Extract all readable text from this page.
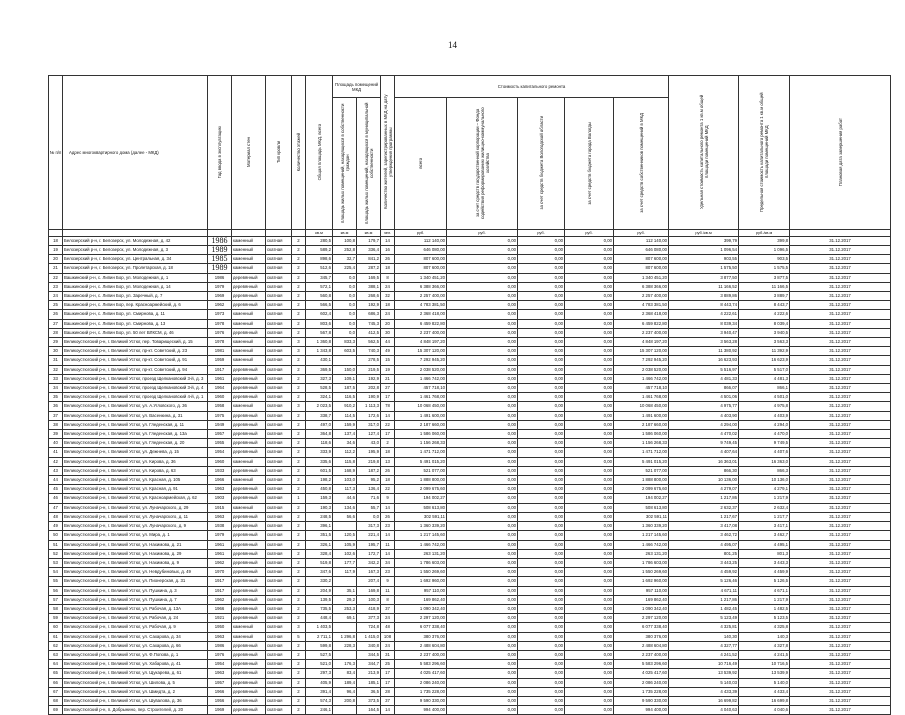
14
№ п/п	Адрес многоквартирного дома (далее - МКД)	Год ввода в эксплуатацию	Материал стен	Тип кровли	Количество этажей	Общая площадь МКД, всего	Площадь помещений МКД		Количество жителей, зарегистрированных в МКД на дату утверждения программы	Стоимость капитального ремонта					Удельная стоимость капитального ремонта 1 кв.м общей площади помещений МКД	Предельная стоимость капитального ремонта 1 кв.м общей площади помещений МКД	Плановая дата завершения работ
							площадь жилых помещений, находящихся в собственности граждан	площадь жилых помещений, находящихся в муниципальной собственности		всего	за счет средств государственной корпорации – Фонда содействия реформированию жилищно-коммунального хозяйства	за счет средств бюджета Вологодской области	за счет средств бюджета города Вологды	за счет средств собственников помещений в МКД			
						кв.м	кв.м	кв.м	чел.	руб.	руб.	руб.	руб.	руб.	руб./кв.м	руб./кв.м	
18	Белозерский р-н, г. Белозерск, ул. Молодежная, д. 42	1986	каменный	скатная	2	280,5	100,8	179,7	14	112 140,00	0,00	0,00	0,00	112 140,00	399,79	399,8	31.12.2017
19	Белозерский р-н, г. Белозерск, ул. Молодежная, д. 3	1989	каменный	скатная	2	589,2	252,8	336,4	16	646 080,00	0,00	0,00	0,00	646 080,00	1 096,54	1 096,5	31.12.2017
20	Белозерский р-н, г. Белозерск, ул. Центральная, д. 34	1985	каменный	скатная	2	898,6	32,7	841,2	26	807 600,00	0,00	0,00	0,00	807 600,00	903,55	903,5	31.12.2017
21	Белозерский р-н, г. Белозерск, ул. Пролетарская, д. 18	1989	каменный	скатная	2	512,6	225,4	287,2	18	807 600,00	0,00	0,00	0,00	807 600,00	1 575,50	1 575,5	31.12.2017
22	Вашкинский р-н, с. Липин Бор, ул. Молодежная, д. 1	1986	деревянный	скатная	2	345,7	0,0	169,5	8	1 340 451,20	0,00	0,00	0,00	1 340 451,20	3 877,50	3 877,5	31.12.2017
23	Вашкинский р-н, с. Липин Бор, ул. Молодежная, д. 14	1979	деревянный	скатная	2	572,1	0,0	388,1	24	6 388 366,00	0,00	0,00	0,00	6 388 366,00	11 166,52	11 166,5	31.12.2017
24	Вашкинский р-н, с. Липин Бор, ул. Заречный, д. 7	1969	деревянный	скатная	2	560,8	0,0	268,6	32	2 257 400,00	0,00	0,00	0,00	2 257 400,00	3 889,86	3 889,7	31.12.2017
25	Вашкинский р-н, с. Липин Бор, пер. Красноармейский, д. 6	1962	деревянный	скатная	2	566,5	0,0	192,9	18	4 783 381,50	0,00	0,00	0,00	4 783 381,50	8 443,74	8 443,7	31.12.2017
26	Вашкинский р-н, с. Липин Бор, ул. Смирнова, д. 11	1973	каменный	скатная	2	602,4	0,0	686,3	24	2 368 418,00	0,00	0,00	0,00	2 368 418,00	4 222,61	4 222,6	31.12.2017
27	Вашкинский р-н, с. Липин Бор, ул. Смирнова, д. 13	1978	каменный	скатная	2	803,6	0,0	745,3	20	6 459 822,80	0,00	0,00	0,00	6 459 822,80	8 039,34	8 039,4	31.12.2017
28	Вашкинский р-н, с. Липин Бор, ул. 50 лет ВЛКСМ, д. 46	1976	деревянный	скатная	2	567,8	0,0	412,5	30	2 237 400,00	0,00	0,00	0,00	2 237 400,00	3 940,47	3 940,5	31.12.2017
29	Великоустюгский р-н, г. Великий Устюг, пер. Товарищеский, д. 15	1978	каменный	скатная	3	1 360,8	833,3	562,5	44	4 848 197,20	0,00	0,00	0,00	4 848 197,20	3 563,28	3 563,3	31.12.2017
30	Великоустюгский р-н, г. Великий Устюг, пр-кт. Советский, д. 23	1981	каменный	скатная	3	1 343,8	603,5	740,3	49	15 307 120,00	0,00	0,00	0,00	15 307 120,00	11 380,92	11 392,9	31.12.2017
31	Великоустюгский р-н, г. Великий Устюг, пр-кт. Советский, д. 91	1959	каменный	скатная	2	430,1		278,5	15	7 292 945,20	0,00	0,00	0,00	7 292 945,20	16 623,93	16 623,9	31.12.2017
32	Великоустюгский р-н, г. Великий Устюг, пр-кт. Советский, д. 94	1917	деревянный	скатная	2	369,5	150,0	219,5	19	2 038 520,00	0,00	0,00	0,00	2 038 520,00	5 516,97	5 517,0	31.12.2017
33	Великоустюгский р-н, г. Великий Устюг, проезд Щелкановский 3-й, д. 3	1961	деревянный	скатная	2	327,3	109,1	192,9	21	1 466 742,00	0,00	0,00	0,00	1 466 742,00	4 481,33	4 481,3	31.12.2017
34	Великоустюгский р-н, г. Великий Устюг, проезд Щелкановский 3-й, д. 4	1964	деревянный	скатная	2	528,5	187,5	202,8	27	457 718,10	0,00	0,00	0,00	457 718,10	866,07	866,1	31.12.2017
35	Великоустюгский р-н, г. Великий Устюг, проезд Щелкановский 4-й, д. 1	1960	деревянный	скатная	2	324,1	116,5	190,9	17	1 461 768,00	0,00	0,00	0,00	1 461 768,00	4 501,06	4 501,0	31.12.2017
36	Великоустюгский р-н, г. Великий Устюг, ул. А.Угловского, д. 36	1958	каменный	скатная	3	2 023,5	910,2	1 113,3	78	10 068 450,00	0,00	0,00	0,00	10 068 450,00	4 975,77	4 975,8	31.12.2017
37	Великоустюгский р-н, г. Великий Устюг, ул. Васенкина, д. 31	1975	деревянный	скатная	2	338,7	114,5	172,6	14	1 491 600,00	0,00	0,00	0,00	1 491 600,00	4 403,90	4 403,9	31.12.2017
38	Великоустюгский р-н, г. Великий Устюг, ул. Гледенская, д. 11	1949	деревянный	скатная	2	497,0	159,9	317,0	22	2 187 660,00	0,00	0,00	0,00	2 187 660,00	4 294,00	4 294,0	31.12.2017
39	Великоустюгский р-н, г. Великий Устюг, ул. Гледенская, д. 13а	1957	деревянный	скатная	2	364,8	137,4	127,4	17	1 586 060,00	0,00	0,00	0,00	1 586 060,00	4 470,02	4 470,0	31.12.2017
40	Великоустюгский р-н, г. Великий Устюг, ул. Гледенская, д. 20	1955	деревянный	скатная	2	118,6	34,6	43,0	2	1 156 268,33	0,00	0,00	0,00	1 156 268,33	9 749,45	9 749,5	31.12.2017
41	Великоустюгский р-н, г. Великий Устюг, ул. Дежнева, д. 15	1954	деревянный	скатная	2	333,9	112,2	195,9	18	1 471 712,00	0,00	0,00	0,00	1 471 712,00	4 407,64	4 407,6	31.12.2017
42	Великоустюгский р-н, г. Великий Устюг, ул. Кирова, д. 36	1960	каменный	скатная	2	335,6	115,8	219,8	13	5 491 015,20	0,00	0,00	0,00	5 491 015,20	16 363,01	16 363,0	31.12.2017
43	Великоустюгский р-н, г. Великий Устюг, ул. Кирова, д. 63	1933	деревянный	скатная	2	601,5	168,9	187,2	26	521 077,00	0,00	0,00	0,00	521 077,00	866,30	866,3	31.12.2017
44	Великоустюгский р-н, г. Великий Устюг, ул. Красная, д. 105	1966	каменный	скатная	2	198,2	103,0	95,2	18	1 888 800,00	0,00	0,00	0,00	1 888 800,00	10 136,00	10 136,0	31.12.2017
45	Великоустюгский р-н, г. Великий Устюг, ул. Красная, д. 91	1963	деревянный	скатная	2	450,8	117,3	136,4	22	2 099 675,60	0,00	0,00	0,00	2 099 675,60	4 279,07	4 279,1	31.12.2017
46	Великоустюгский р-н, г. Великий Устюг, ул. Красноармейская, д. 62	1903	деревянный	скатная	1	159,3	44,6	71,6	9	194 002,27	0,00	0,00	0,00	194 002,27	1 217,86	1 217,9	31.12.2017
47	Великоустюгский р-н, г. Великий Устюг, ул. Луначарского, д. 29	1915	каменный	скатная	2	190,3	134,6	55,7	14	508 613,80	0,00	0,00	0,00	508 613,80	2 632,37	2 632,4	31.12.2017
48	Великоустюгский р-н, г. Великий Устюг, ул. Луначарского, д. 11	1963	деревянный	скатная	2	248,5	56,6	0,0	26	302 591,11	0,00	0,00	0,00	302 591,11	1 217,67	1 217,7	31.12.2017
49	Великоустюгский р-н, г. Великий Устюг, ул. Луначарского, д. 9	1938	деревянный	скатная	2	396,1		317,3	23	1 360 339,20	0,00	0,00	0,00	1 360 339,20	3 417,08	3 417,1	31.12.2017
50	Великоустюгский р-н, г. Великий Устюг, ул. Мира, д. 1	1979	деревянный	скатная	2	351,5	120,5	221,4	14	1 217 145,60	0,00	0,00	0,00	1 217 145,60	3 462,72	3 462,7	31.12.2017
51	Великоустюгский р-н, г. Великий Устюг, ул. Нахимова, д. 21	1961	деревянный	скатная	2	326,1	105,9	195,7	11	1 466 742,00	0,00	0,00	0,00	1 466 742,00	4 495,07	4 495,1	31.12.2017
52	Великоустюгский р-н, г. Великий Устюг, ул. Нахимова, д. 29	1961	деревянный	скатная	2	328,4	102,6	172,7	14	263 131,20	0,00	0,00	0,00	263 131,20	801,25	801,3	31.12.2017
53	Великоустюгский р-н, г. Великий Устюг, ул. Нахимова, д. 9	1962	деревянный	скатная	2	519,8	177,7	342,2	34	1 786 603,00	0,00	0,00	0,00	1 786 603,00	3 443,25	3 443,3	31.12.2017
54	Великоустюгский р-н, г. Великий Устюг, ул. Невдубиновых, д. 49	1970	деревянный	скатная	2	347,6	117,9	167,3	23	1 550 269,60	0,00	0,00	0,00	1 550 269,60	4 459,92	4 459,9	31.12.2017
55	Великоустюгский р-н, г. Великий Устюг, ул. Пионерская, д. 31	1917	деревянный	скатная	2	330,2		207,4	9	1 692 960,00	0,00	0,00	0,00	1 692 960,00	5 126,46	5 126,5	31.12.2017
56	Великоустюгский р-н, г. Великий Устюг, ул. Пушкина, д. 3	1917	деревянный	скатная	2	204,9	35,1	169,8	11	957 110,00	0,00	0,00	0,00	957 110,00	4 671,11	4 671,1	31.12.2017
57	Великоустюгский р-н, г. Великий Устюг, ул. Пушкина, д. 7	1962	деревянный	скатная	2	139,5	29,2	100,3	8	169 862,40	0,00	0,00	0,00	169 862,40	1 217,86	1 217,9	31.12.2017
58	Великоустюгский р-н, г. Великий Устюг, ул. Рабочая, д. 13А	1966	деревянный	скатная	2	735,5	253,3	418,9	37	1 090 342,40	0,00	0,00	0,00	1 090 342,40	1 482,45	1 482,5	31.12.2017
59	Великоустюгский р-н, г. Великий Устюг, ул. Рабочая, д. 24	1921	деревянный	скатная	2	448,4	69,1	377,3	24	2 297 120,00	0,00	0,00	0,00	2 297 120,00	5 123,49	5 123,5	31.12.2017
60	Великоустюгский р-н, г. Великий Устюг, ул. Рабочая, д. 9	1950	каменный	скатная	3	1 403,5		724,8	48	6 077 338,40	0,00	0,00	0,00	6 077 338,40	4 325,81	4 325,8	31.12.2017
61	Великоустюгский р-н, г. Великий Устюг, ул. Сахарова, д. 34	1963	каменный	скатная	5	2 711,1	1 296,8	1 415,0	108	380 376,00	0,00	0,00	0,00	380 376,00	140,30	140,3	31.12.2017
62	Великоустюгский р-н, г. Великий Устюг, ул. Сахарова, д. 66	1986	деревянный	скатная	2	599,8	228,3	340,8	24	2 488 604,80	0,00	0,00	0,00	2 488 604,80	4 327,77	4 327,8	31.12.2017
63	Великоустюгский р-н, г. Великий Устюг, ул. Ф.Попова, д. 1	1976	деревянный	скатная	2	527,5		344,5	31	2 237 400,00	0,00	0,00	0,00	2 237 400,00	4 241,52	4 241,5	31.12.2017
64	Великоустюгский р-н, г. Великий Устюг, ул. Хабарова, д. 41	1954	деревянный	скатная	2	521,0	176,3	344,7	25	5 583 296,60	0,00	0,00	0,00	5 583 296,60	10 716,49	10 716,5	31.12.2017
65	Великоустюгский р-н, г. Великий Устюг, ул. Щукарева, д. 61	1963	деревянный	скатная	2	297,3	83,4	213,9	17	4 025 417,60	0,00	0,00	0,00	4 025 417,60	13 539,92	13 539,9	31.12.2017
66	Великоустюгский р-н, г. Великий Устюг, ул. Шилова, д. 5	1957	деревянный	скатная	2	405,9	189,4	185,1	17	2 086 240,00	0,00	0,00	0,00	2 086 240,00	5 140,03	5 140,0	31.12.2017
67	Великоустюгский р-н, г. Великий Устюг, ул. Шмидта, д. 2	1966	деревянный	скатная	2	391,4	96,4	36,5	28	1 735 228,00	0,00	0,00	0,00	1 735 228,00	4 433,39	4 433,4	31.12.2017
68	Великоустюгский р-н, г. Великий Устюг, ул. Шувалова, д. 36	1956	деревянный	скатная	2	574,3	200,8	373,5	37	9 590 330,00	0,00	0,00	0,00	9 590 330,00	16 699,82	16 699,8	31.12.2017
69	Великоустюгский р-н, п. Добрынино, пер. Строителей, д. 20	1969	деревянный	скатная	2	246,1		164,5	14	994 400,00	0,00	0,00	0,00	994 400,00	4 040,63	4 040,6	31.12.2017
